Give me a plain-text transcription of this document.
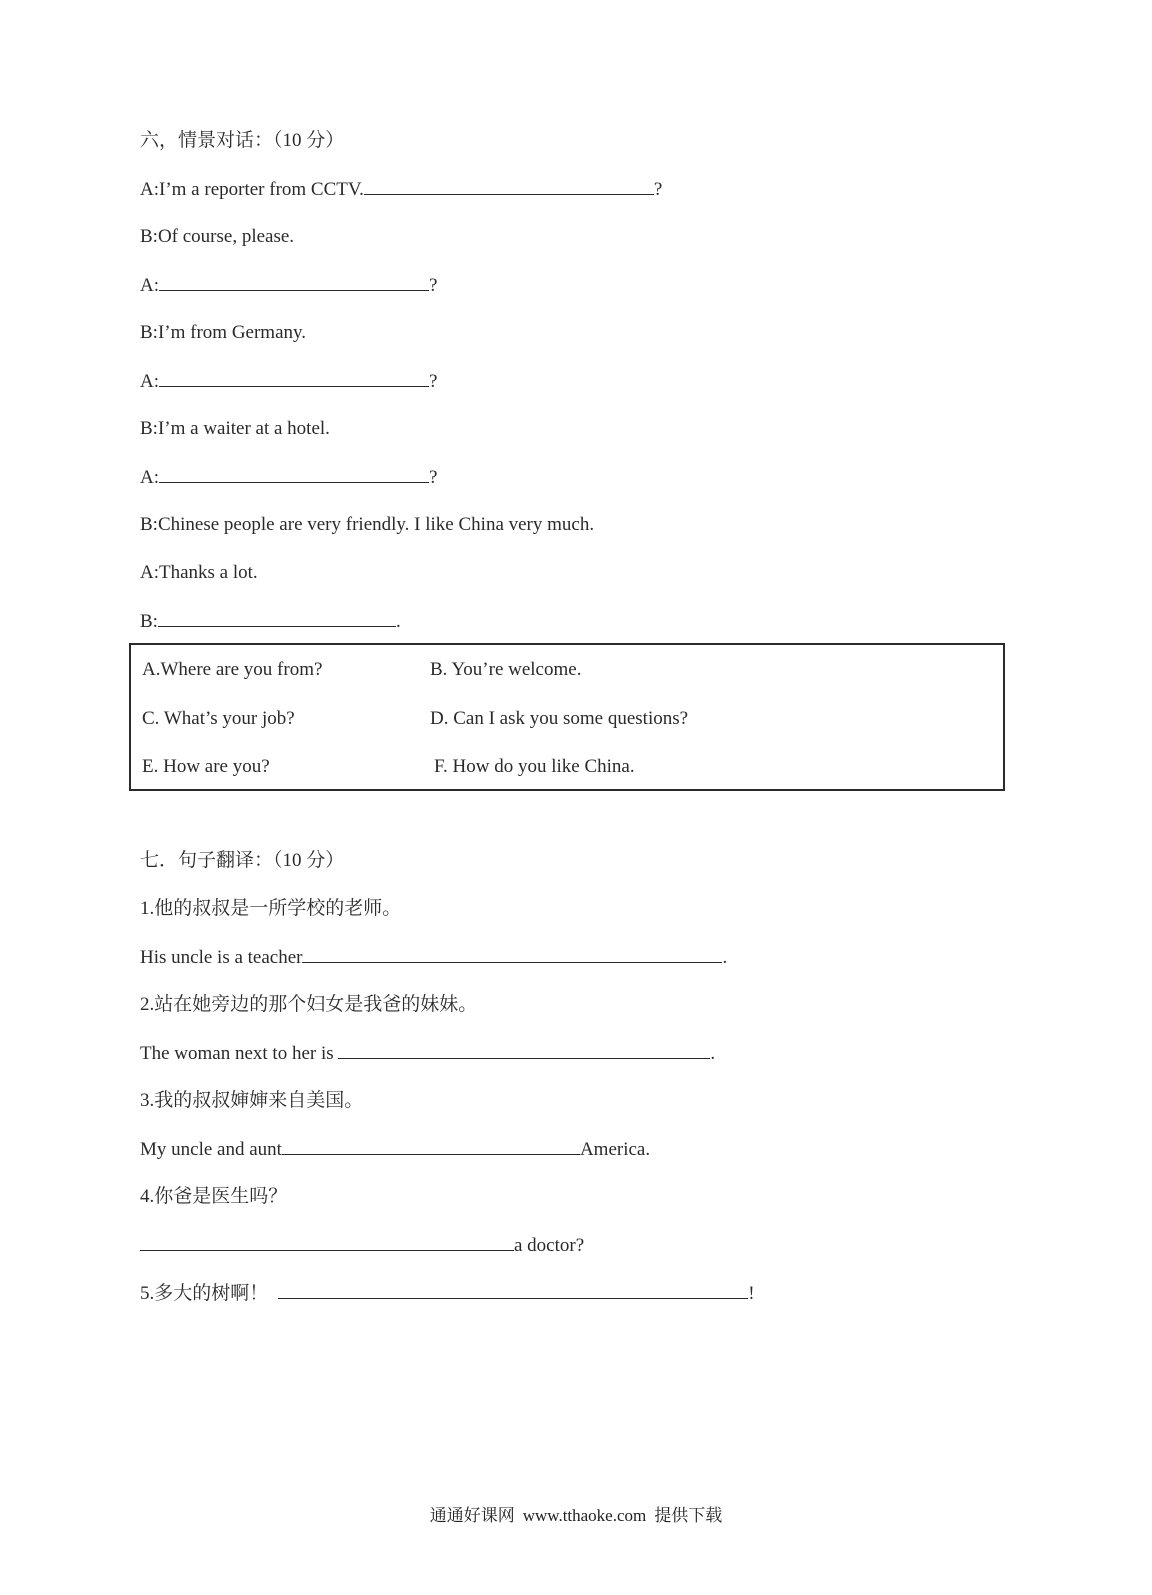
六，情景对话：（10 分）
A:I’m a reporter from CCTV.	?
B:Of course, please.
A:	?
B:I’m from Germany.
A:	?
B:I’m a waiter at a hotel.
A:	?
B:Chinese people are very friendly. I like China very much.
A:Thanks a lot.
B:	.
A.Where are you from?	B. You’re welcome.
C. What’s your job?	D. Can I ask you some questions?
E. How are you?	F. How do you like China.
七．句子翻译：（10 分）
1.他的叔叔是一所学校的老师。
His uncle is a teacher	.
2.站在她旁边的那个妇女是我爸的妹妹。
The woman next to her is	.
3.我的叔叔婶婶来自美国。
My uncle and aunt	America.
4.你爸是医生吗？
a doctor?
5.多大的树啊！	!
通通好课网 www.tthaoke.com 提供下载
